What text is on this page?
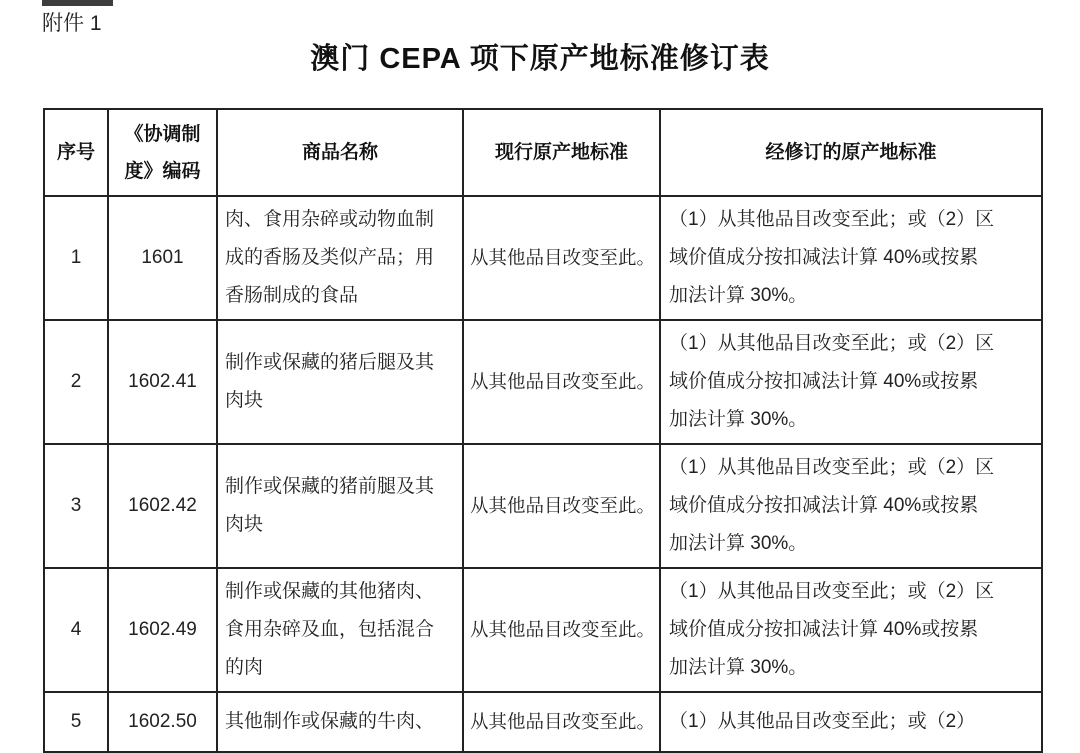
附件 1
澳门 CEPA 项下原产地标准修订表
序号	《协调制度》编码	商品名称	现行原产地标准	经修订的原产地标准
1	1601	肉、食用杂碎或动物血制成的香肠及类似产品；用香肠制成的食品	从其他品目改变至此。	（1）从其他品目改变至此；或（2）区域价值成分按扣减法计算 40%或按累加法计算 30%。
2	1602.41	制作或保藏的猪后腿及其肉块	从其他品目改变至此。	（1）从其他品目改变至此；或（2）区域价值成分按扣减法计算 40%或按累加法计算 30%。
3	1602.42	制作或保藏的猪前腿及其肉块	从其他品目改变至此。	（1）从其他品目改变至此；或（2）区域价值成分按扣减法计算 40%或按累加法计算 30%。
4	1602.49	制作或保藏的其他猪肉、食用杂碎及血，包括混合的肉	从其他品目改变至此。	（1）从其他品目改变至此；或（2）区域价值成分按扣减法计算 40%或按累加法计算 30%。
5	1602.50	其他制作或保藏的牛肉、	从其他品目改变至此。	（1）从其他品目改变至此；或（2）
